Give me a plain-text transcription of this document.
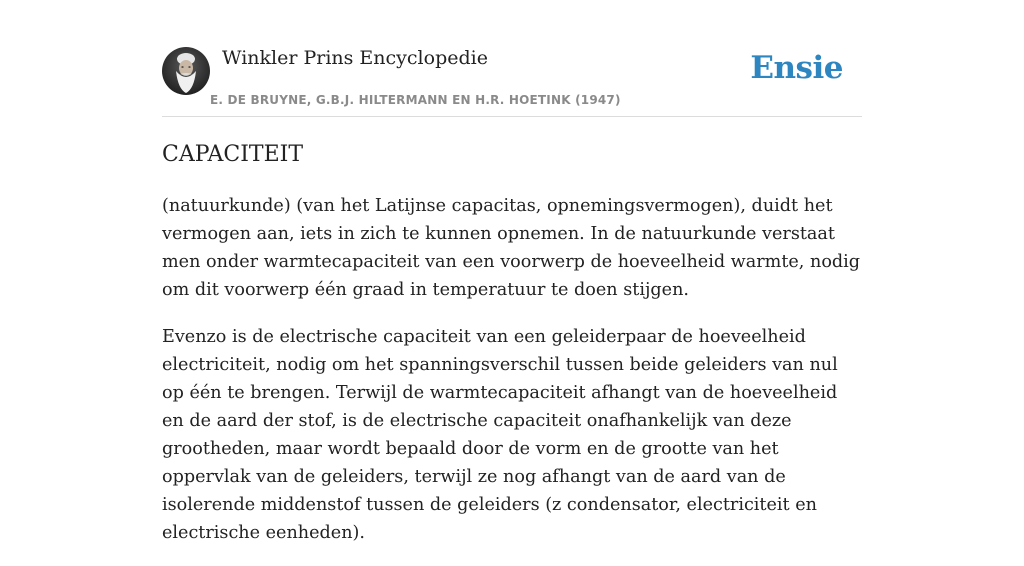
Winkler Prins Encyclopedie
E. DE BRUYNE, G.B.J. HILTERMANN EN H.R. HOETINK (1947)
Ensie
CAPACITEIT

(natuurkunde) (van het Latijnse capacitas, opnemingsvermogen), duidt het vermogen aan, iets in zich te kunnen opnemen. In de natuurkunde verstaat men onder warmtecapaciteit van een voorwerp de hoeveelheid warmte, nodig om dit voorwerp één graad in temperatuur te doen stijgen.

Evenzo is de electrische capaciteit van een geleiderpaar de hoeveelheid electriciteit, nodig om het spanningsverschil tussen beide geleiders van nul op één te brengen. Terwijl de warmtecapaciteit afhangt van de hoeveelheid en de aard der stof, is de electrische capaciteit onafhankelijk van deze grootheden, maar wordt bepaald door de vorm en de grootte van het oppervlak van de geleiders, terwijl ze nog afhangt van de aard van de isolerende middenstof tussen de geleiders (z condensator, electriciteit en electrische eenheden).
